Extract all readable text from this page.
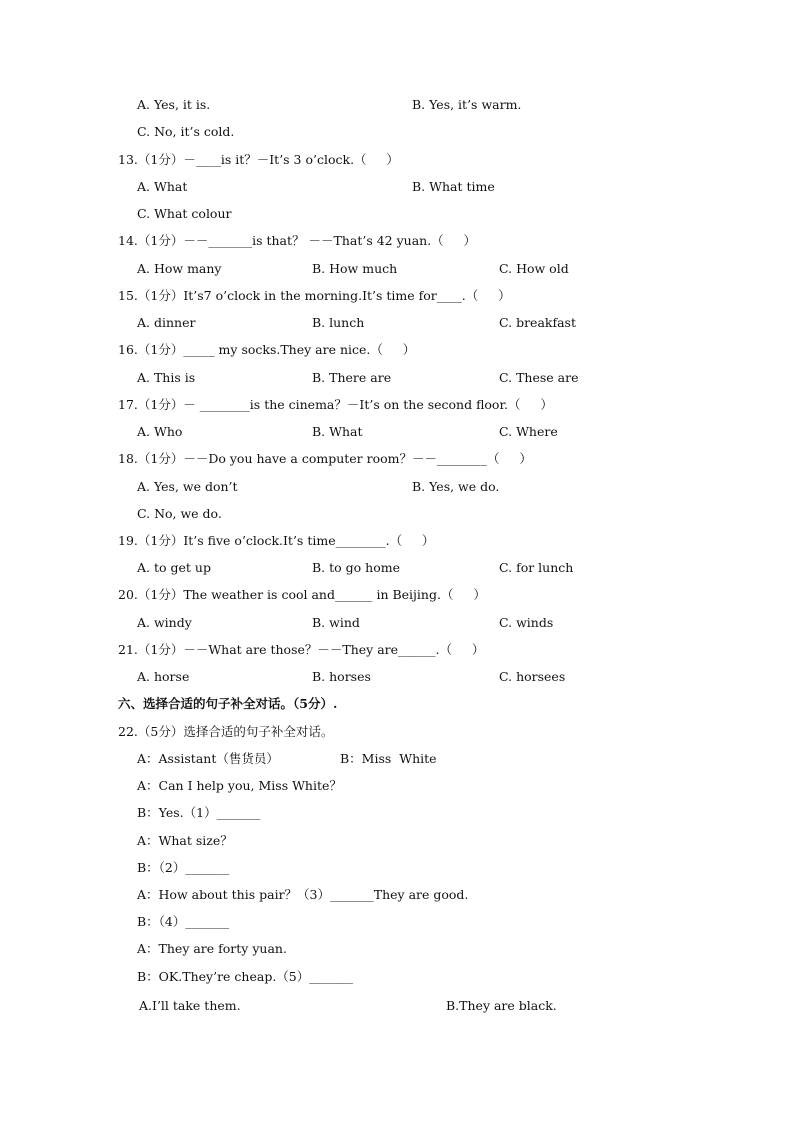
A. Yes, it is.	B. Yes, it’s warm.
C. No, it’s cold.
13.（1分）－____is it？－It’s 3 o’clock.（     ）
A. What	B. What time
C. What colour
14.（1分）－－_______is that？ －－That’s 42 yuan.（     ）
A. How many	B. How much	C. How old
15.（1分）It’s7 o’clock in the morning.It’s time for____.（     ）
A. dinner	B. lunch	C. breakfast
16.（1分）_____ my socks.They are nice.（     ）
A. This is	B. There are	C. These are
17.（1分）－ ________is the cinema？－It’s on the second floor.（     ）
A. Who	B. What	C. Where
18.（1分）－－Do you have a computer room？－－________（     ）
A. Yes, we don’t	B. Yes, we do.
C. No, we do.
19.（1分）It’s five o’clock.It’s time________.（     ）
A. to get up	B. to go home	C. for lunch
20.（1分）The weather is cool and______ in Beijing.（     ）
A. windy	B. wind	C. winds
21.（1分）－－What are those？－－They are______.（     ）
A. horse	B. horses	C. horsees
六、选择合适的句子补全对话。（5分）.
22.（5分）选择合适的句子补全对话。
A：Assistant（售货员）	B：Miss  White
A：Can I help you, Miss White？
B：Yes.（1）_______
A：What size？
B：（2）_______
A：How about this pair？（3）_______They are good.
B：（4）_______
A：They are forty yuan.
B：OK.They’re cheap.（5）_______
A.I’ll take them.	B.They are black.
